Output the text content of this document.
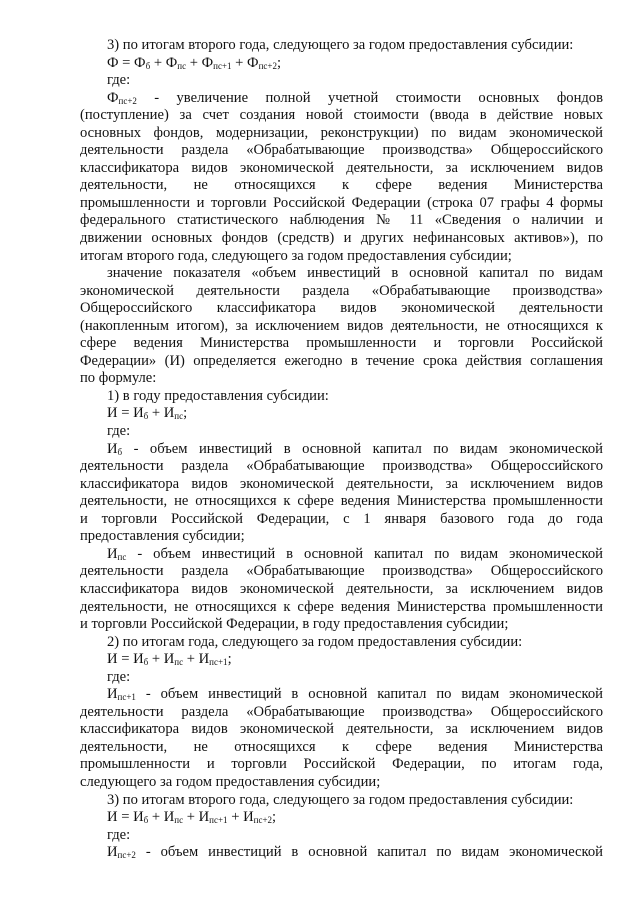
3) по итогам второго года, следующего за годом предоставления субсидии:
$Ф = Ф_б + Ф_{пс} + Ф_{пс+1} + Ф_{пс+2}$;
где:
$Ф_{пс+2}$ - увеличение полной учетной стоимости основных фондов
(поступление) за счет создания новой стоимости (ввода в действие новых
основных фондов, модернизации, реконструкции) по видам экономической
деятельности раздела «Обрабатывающие производства» Общероссийского
классификатора видов экономической деятельности, за исключением видов
деятельности, не относящихся к сфере ведения Министерства
промышленности и торговли Российской Федерации (строка 07 графы 4 формы
федерального статистического наблюдения № 11 «Сведения о наличии и
движении основных фондов (средств) и других нефинансовых активов»), по
итогам второго года, следующего за годом предоставления субсидии;
значение показателя «объем инвестиций в основной капитал по видам
экономической деятельности раздела «Обрабатывающие производства»
Общероссийского классификатора видов экономической деятельности
(накопленным итогом), за исключением видов деятельности, не относящихся к
сфере ведения Министерства промышленности и торговли Российской
Федерации» (И) определяется ежегодно в течение срока действия соглашения
по формуле:
1) в году предоставления субсидии:
$И = И_б + И_{пс}$;
где:
$И_б$ - объем инвестиций в основной капитал по видам экономической
деятельности раздела «Обрабатывающие производства» Общероссийского
классификатора видов экономической деятельности, за исключением видов
деятельности, не относящихся к сфере ведения Министерства промышленности
и торговли Российской Федерации, с 1 января базового года до года
предоставления субсидии;
$И_{пс}$ - объем инвестиций в основной капитал по видам экономической
деятельности раздела «Обрабатывающие производства» Общероссийского
классификатора видов экономической деятельности, за исключением видов
деятельности, не относящихся к сфере ведения Министерства промышленности
и торговли Российской Федерации, в году предоставления субсидии;
2) по итогам года, следующего за годом предоставления субсидии:
$И = И_б + И_{пс} + И_{пс+1}$;
где:
$И_{пс+1}$ - объем инвестиций в основной капитал по видам экономической
деятельности раздела «Обрабатывающие производства» Общероссийского
классификатора видов экономической деятельности, за исключением видов
деятельности, не относящихся к сфере ведения Министерства
промышленности и торговли Российской Федерации, по итогам года,
следующего за годом предоставления субсидии;
3) по итогам второго года, следующего за годом предоставления субсидии:
$И = И_б + И_{пс} + И_{пс+1} + И_{пс+2}$;
где:
$И_{пс+2}$ - объем инвестиций в основной капитал по видам экономической
